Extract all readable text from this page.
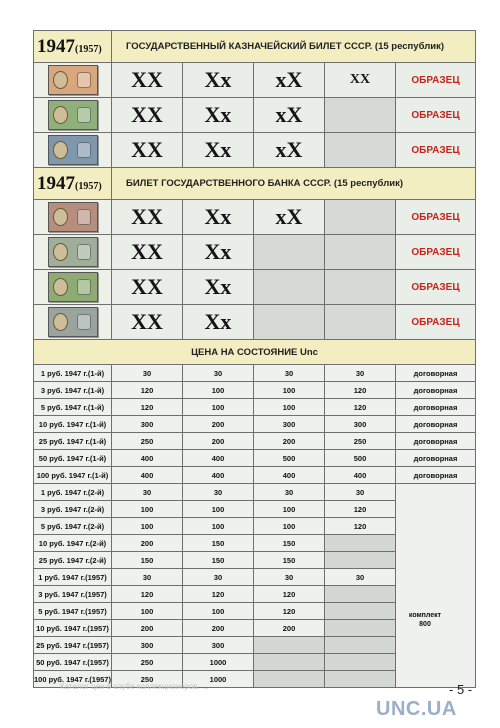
1947(1957)	ГОСУДАРСТВЕННЫЙ КАЗНАЧЕЙСКИЙ БИЛЕТ СССР. (15 республик)				

	XX	Xx	xX	XX	ОБРАЗЕЦ

	XX	Xx	xX		ОБРАЗЕЦ

	XX	Xx	xX		ОБРАЗЕЦ
1947(1957)	БИЛЕТ ГОСУДАРСТВЕННОГО БАНКА СССР. (15 республик)				

	XX	Xx	xX		ОБРАЗЕЦ

	XX	Xx			ОБРАЗЕЦ

	XX	Xx			ОБРАЗЕЦ

	XX	Xx			ОБРАЗЕЦ
ЦЕНА НА СОСТОЯНИЕ Unc					
1 руб. 1947 г.(1-й)	30	30	30	30	договорная
3 руб. 1947 г.(1-й)	120	100	100	120	договорная
5 руб. 1947 г.(1-й)	120	100	100	120	договорная
10 руб. 1947 г.(1-й)	300	200	300	300	договорная
25 руб. 1947 г.(1-й)	250	200	200	250	договорная
50 руб. 1947 г.(1-й)	400	400	500	500	договорная
100 руб. 1947 г.(1-й)	400	400	400	400	договорная
1 руб. 1947 г.(2-й)	30	30	30	30	
3 руб. 1947 г.(2-й)	100	100	100	120	
5 руб. 1947 г.(2-й)	100	100	100	120	
10 руб. 1947 г.(2-й)	200	150	150		
25 руб. 1947 г.(2-й)	150	150	150		
1 руб. 1947 г.(1957)	30	30	30	30	
3 руб. 1947 г.(1957)	120	120	120		
5 руб. 1947 г.(1957)	100	100	120		
10 руб. 1947 г.(1957)	200	200	200		
25 руб. 1947 г.(1957)	300	300			
50 руб. 1947 г.(1957)	250	1000			
100 руб. 1947 г.(1957)	250	1000			
комплект
800
Каталог цен в клубе коллекционеров. ...	- 5 -
UNC.UA
